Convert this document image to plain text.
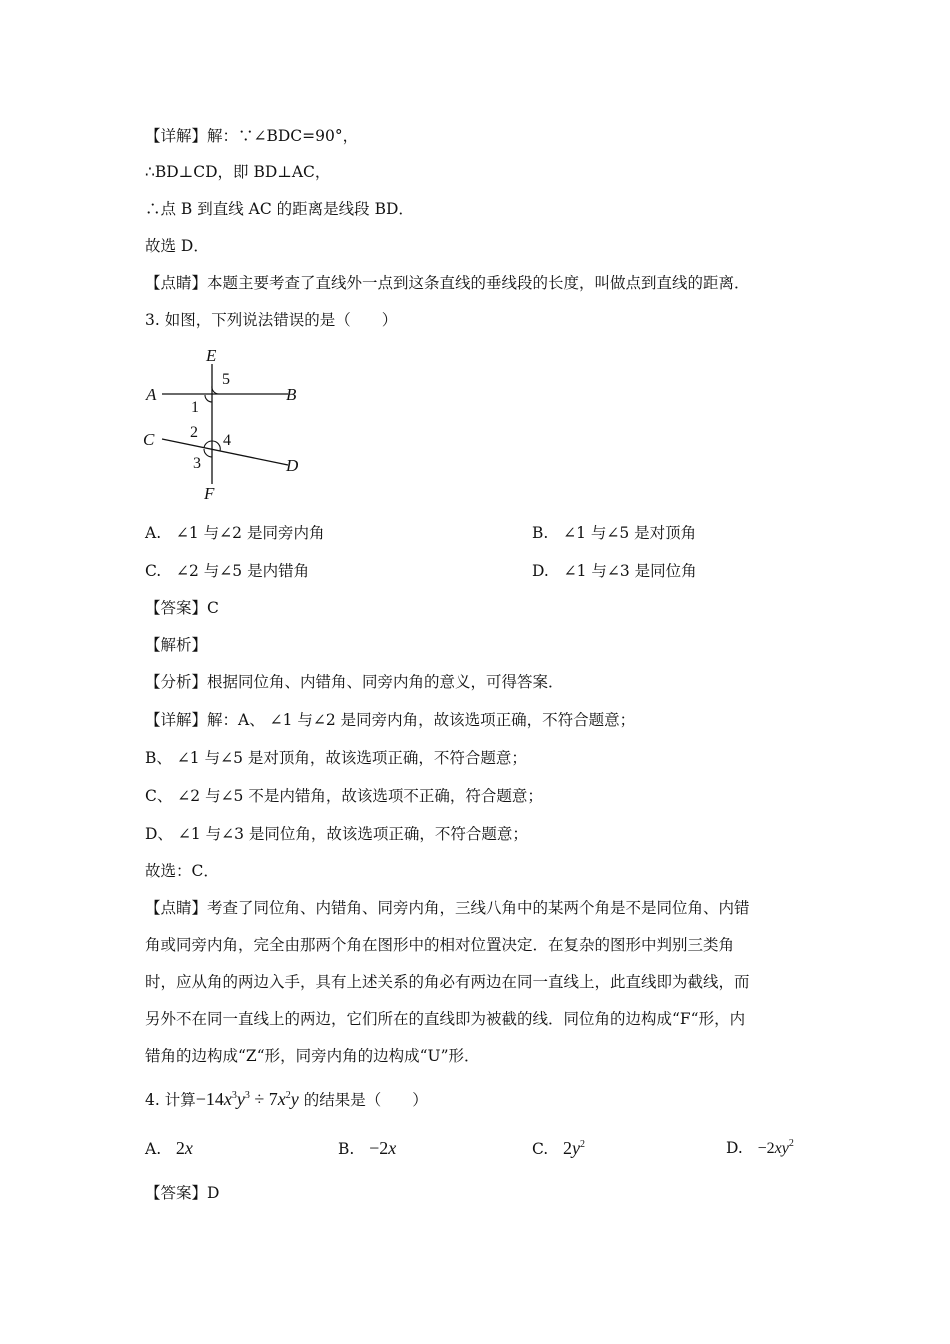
【详解】解：∵∠BDC=90°，
∴BD⊥CD，即 BD⊥AC，
∴点 B 到直线 AC 的距离是线段 BD．
故选 D．
【点睛】本题主要考查了直线外一点到这条直线的垂线段的长度，叫做点到直线的距离．
3. 如图，下列说法错误的是（　　）
E
A	B
C
D
F
5
1
2 4
3
A. ∠1 与∠2 是同旁内角	B. ∠1 与∠5 是对顶角
C. ∠2 与∠5 是内错角	D. ∠1 与∠3 是同位角
【答案】C
【解析】
【分析】根据同位角、内错角、同旁内角的意义，可得答案．
【详解】解：A、 ∠1 与∠2 是同旁内角，故该选项正确，不符合题意；
B、 ∠1 与∠5 是对顶角，故该选项正确，不符合题意；
C、 ∠2 与∠5 不是内错角，故该选项不正确，符合题意；
D、 ∠1 与∠3 是同位角，故该选项正确，不符合题意；
故选：C．
【点睛】考查了同位角、内错角、同旁内角，三线八角中的某两个角是不是同位角、内错
角或同旁内角，完全由那两个角在图形中的相对位置决定．在复杂的图形中判别三类角
时，应从角的两边入手，具有上述关系的角必有两边在同一直线上，此直线即为截线，而
另外不在同一直线上的两边，它们所在的直线即为被截的线．同位角的边构成“F“形，内
错角的边构成“Z“形，同旁内角的边构成“U”形．
4. 计算$-14x^3y^3 \div 7x^2y$ 的结果是（　　）
A. 2x	B. −2x	C. $2y^2$	D. $-2xy^2$
【答案】D
